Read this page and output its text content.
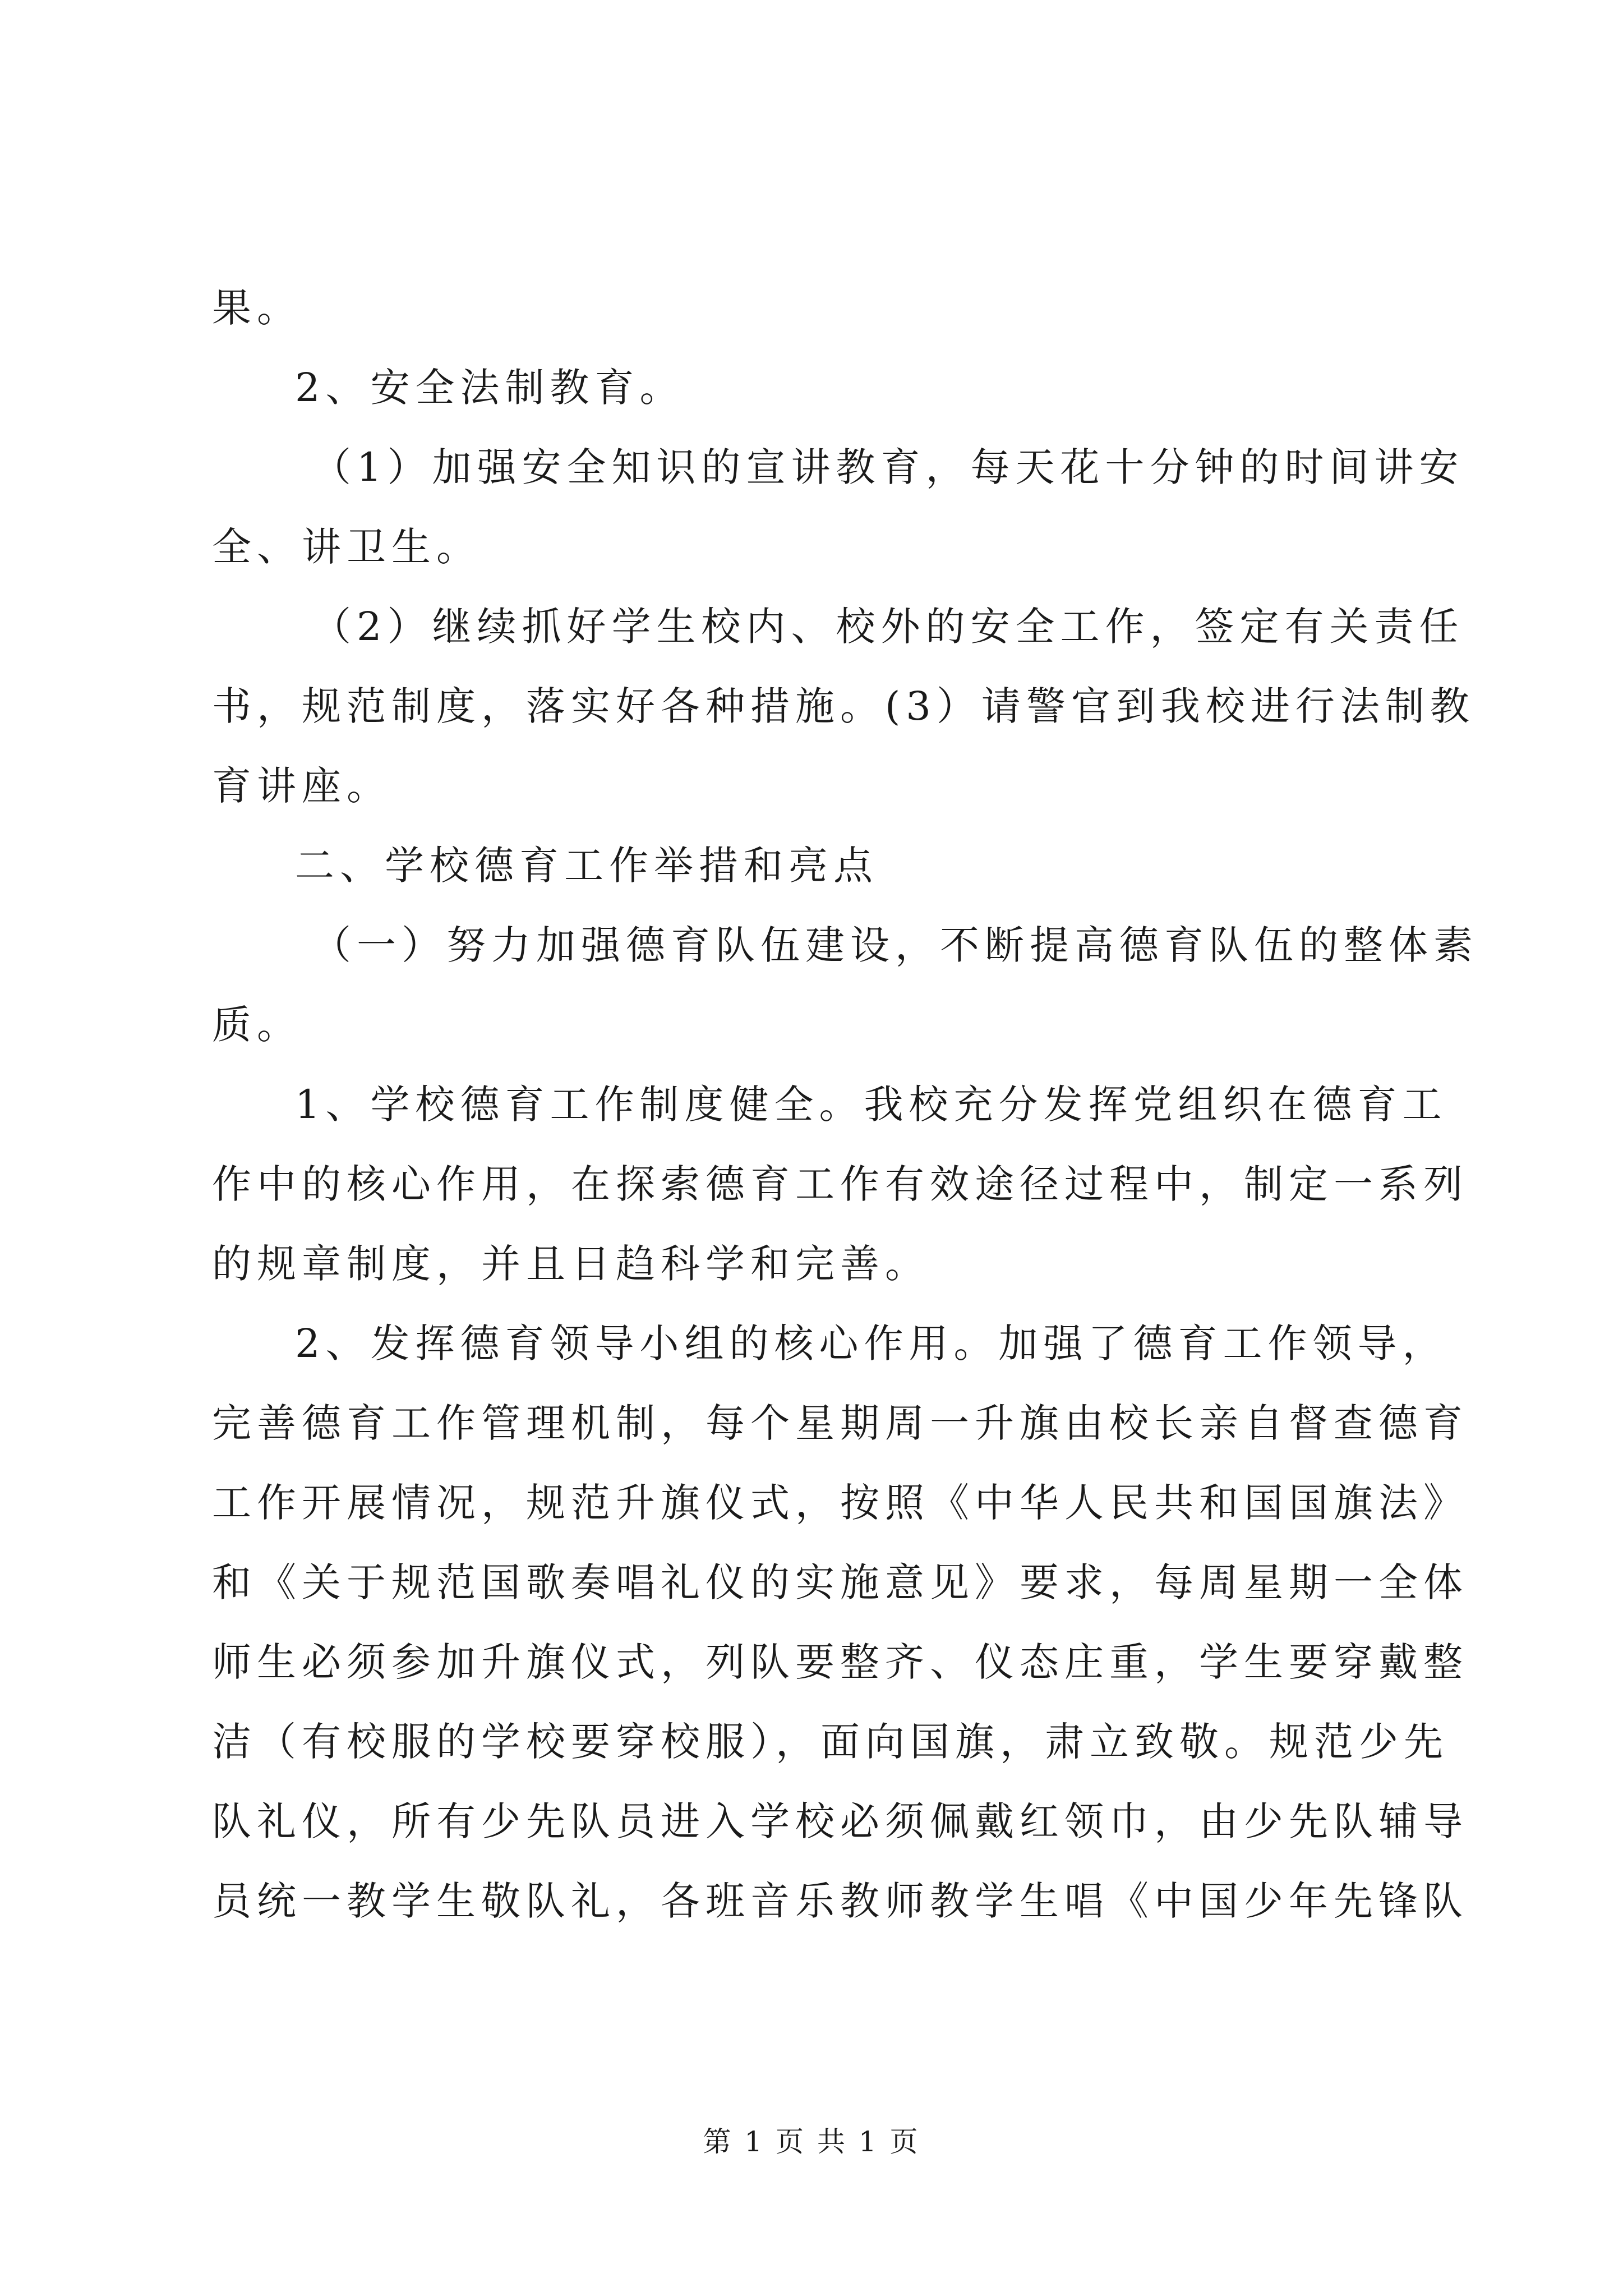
果。
2、安全法制教育。
（1）加强安全知识的宣讲教育，每天花十分钟的时间讲安
全、讲卫生。
（2）继续抓好学生校内、校外的安全工作，签定有关责任
书，规范制度，落实好各种措施。(3）请警官到我校进行法制教
育讲座。
二、学校德育工作举措和亮点
（一）努力加强德育队伍建设，不断提高德育队伍的整体素
质。
1、学校德育工作制度健全。我校充分发挥党组织在德育工
作中的核心作用，在探索德育工作有效途径过程中，制定一系列
的规章制度，并且日趋科学和完善。
2、发挥德育领导小组的核心作用。加强了德育工作领导，
完善德育工作管理机制，每个星期周一升旗由校长亲自督查德育
工作开展情况，规范升旗仪式，按照《中华人民共和国国旗法》
和《关于规范国歌奏唱礼仪的实施意见》要求，每周星期一全体
师生必须参加升旗仪式，列队要整齐、仪态庄重，学生要穿戴整
洁（有校服的学校要穿校服），面向国旗，肃立致敬。规范少先
队礼仪，所有少先队员进入学校必须佩戴红领巾，由少先队辅导
员统一教学生敬队礼，各班音乐教师教学生唱《中国少年先锋队
第 1 页 共 1 页
